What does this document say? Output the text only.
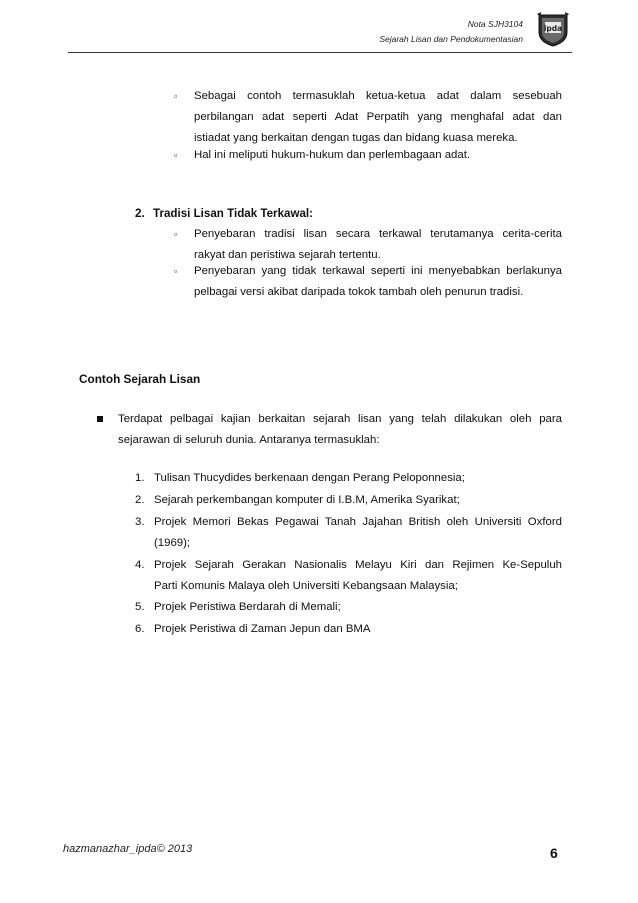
Nota SJH3104
Sejarah Lisan dan Pendokumentasian
ipda
▫ Sebagai contoh termasuklah ketua-ketua adat dalam sesebuah
perbilangan adat seperti Adat Perpatih yang menghafal adat dan
istiadat yang berkaitan dengan tugas dan bidang kuasa mereka.
▫ Hal ini meliputi hukum-hukum dan perlembagaan adat.
2. Tradisi Lisan Tidak Terkawal:
▫ Penyebaran tradisi lisan secara terkawal terutamanya cerita-cerita
rakyat dan peristiwa sejarah tertentu.
▫ Penyebaran yang tidak terkawal seperti ini menyebabkan berlakunya
pelbagai versi akibat daripada tokok tambah oleh penurun tradisi.
Contoh Sejarah Lisan
Terdapat pelbagai kajian berkaitan sejarah lisan yang telah dilakukan oleh para
sejarawan di seluruh dunia. Antaranya termasuklah:
1. Tulisan Thucydides berkenaan dengan Perang Peloponnesia;
2. Sejarah perkembangan komputer di I.B.M, Amerika Syarikat;
3. Projek Memori Bekas Pegawai Tanah Jajahan British oleh Universiti Oxford
(1969);
4. Projek Sejarah Gerakan Nasionalis Melayu Kiri dan Rejimen Ke-Sepuluh
Parti Komunis Malaya oleh Universiti Kebangsaan Malaysia;
5. Projek Peristiwa Berdarah di Memali;
6. Projek Peristiwa di Zaman Jepun dan BMA
hazmanazhar_ipda© 2013	6
